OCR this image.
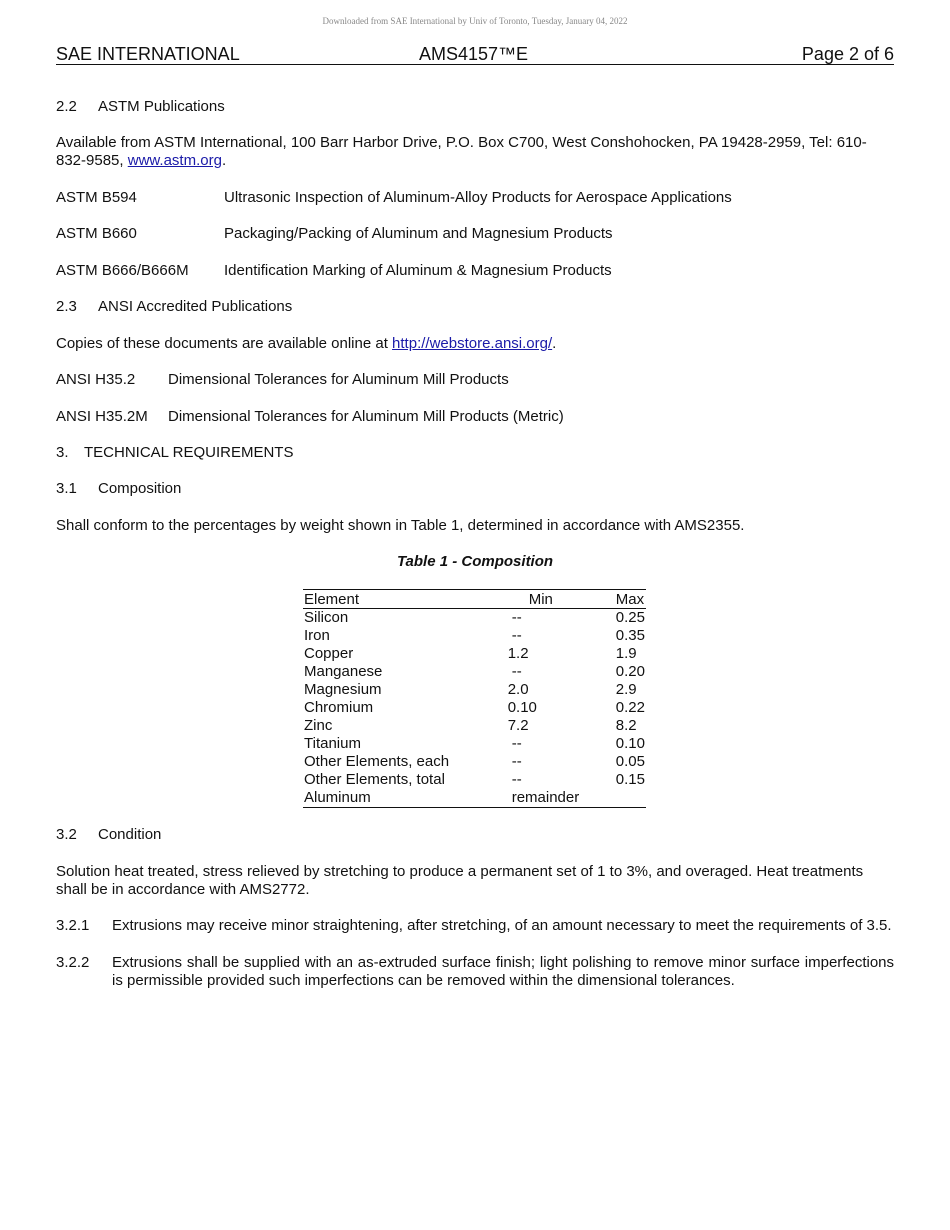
Downloaded from SAE International by Univ of Toronto, Tuesday, January 04, 2022
SAE INTERNATIONAL	AMS4157™E	Page 2 of 6
2.2 ASTM Publications
Available from ASTM International, 100 Barr Harbor Drive, P.O. Box C700, West Conshohocken, PA 19428-2959, Tel: 610-832-9585, www.astm.org.
ASTM B594	Ultrasonic Inspection of Aluminum-Alloy Products for Aerospace Applications
ASTM B660	Packaging/Packing of Aluminum and Magnesium Products
ASTM B666/B666M Identification Marking of Aluminum & Magnesium Products
2.3 ANSI Accredited Publications
Copies of these documents are available online at http://webstore.ansi.org/.
ANSI H35.2 Dimensional Tolerances for Aluminum Mill Products
ANSI H35.2M Dimensional Tolerances for Aluminum Mill Products (Metric)
3. TECHNICAL REQUIREMENTS
3.1 Composition
Shall conform to the percentages by weight shown in Table 1, determined in accordance with AMS2355.
Table 1 - Composition
Element	Min	Max
Silicon	--	0.25
Iron	--	0.35
Copper	1.2	1.9
Manganese	--	0.20
Magnesium	2.0	2.9
Chromium	0.10	0.22
Zinc	7.2	8.2
Titanium	--	0.10
Other Elements, each	--	0.05
Other Elements, total	--	0.15
Aluminum	remainder	
3.2 Condition
Solution heat treated, stress relieved by stretching to produce a permanent set of 1 to 3%, and overaged. Heat treatments shall be in accordance with AMS2772.
3.2.1 Extrusions may receive minor straightening, after stretching, of an amount necessary to meet the requirements of 3.5.
3.2.2 Extrusions shall be supplied with an as-extruded surface finish; light polishing to remove minor surface imperfections is permissible provided such imperfections can be removed within the dimensional tolerances.
